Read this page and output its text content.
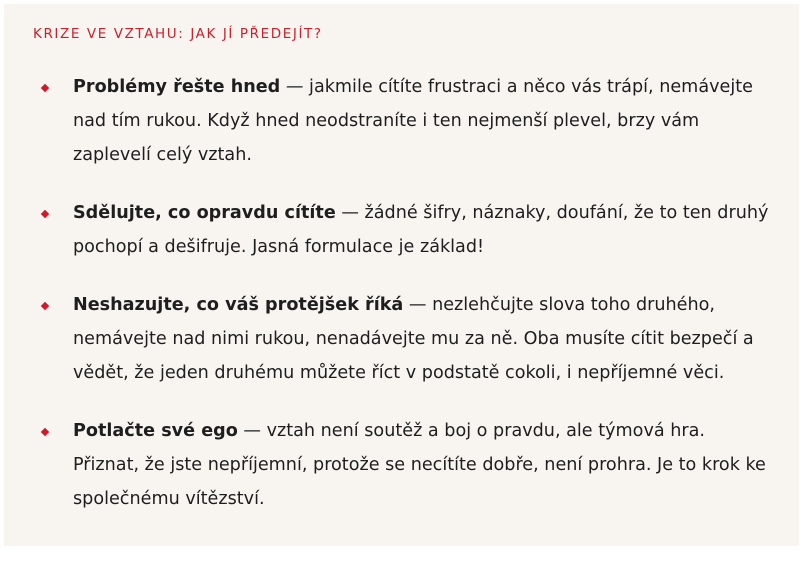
KRIZE VE VZTAHU: JAK JÍ PŘEDEJÍT?
Problémy řešte hned — jakmile cítíte frustraci a něco vás trápí, nemávejte nad tím rukou. Když hned neodstraníte i ten nejmenší plevel, brzy vám zaplevelí celý vztah.
Sdělujte, co opravdu cítíte — žádné šifry, náznaky, doufání, že to ten druhý pochopí a dešifruje. Jasná formulace je základ!
Neshazujte, co váš protějšek říká — nezlehčujte slova toho druhého, nemávejte nad nimi rukou, nenadávejte mu za ně. Oba musíte cítit bezpečí a vědět, že jeden druhému můžete říct v podstatě cokoli, i nepříjemné věci.
Potlačte své ego — vztah není soutěž a boj o pravdu, ale týmová hra. Přiznat, že jste nepříjemní, protože se necítíte dobře, není prohra. Je to krok ke společnému vítězství.
